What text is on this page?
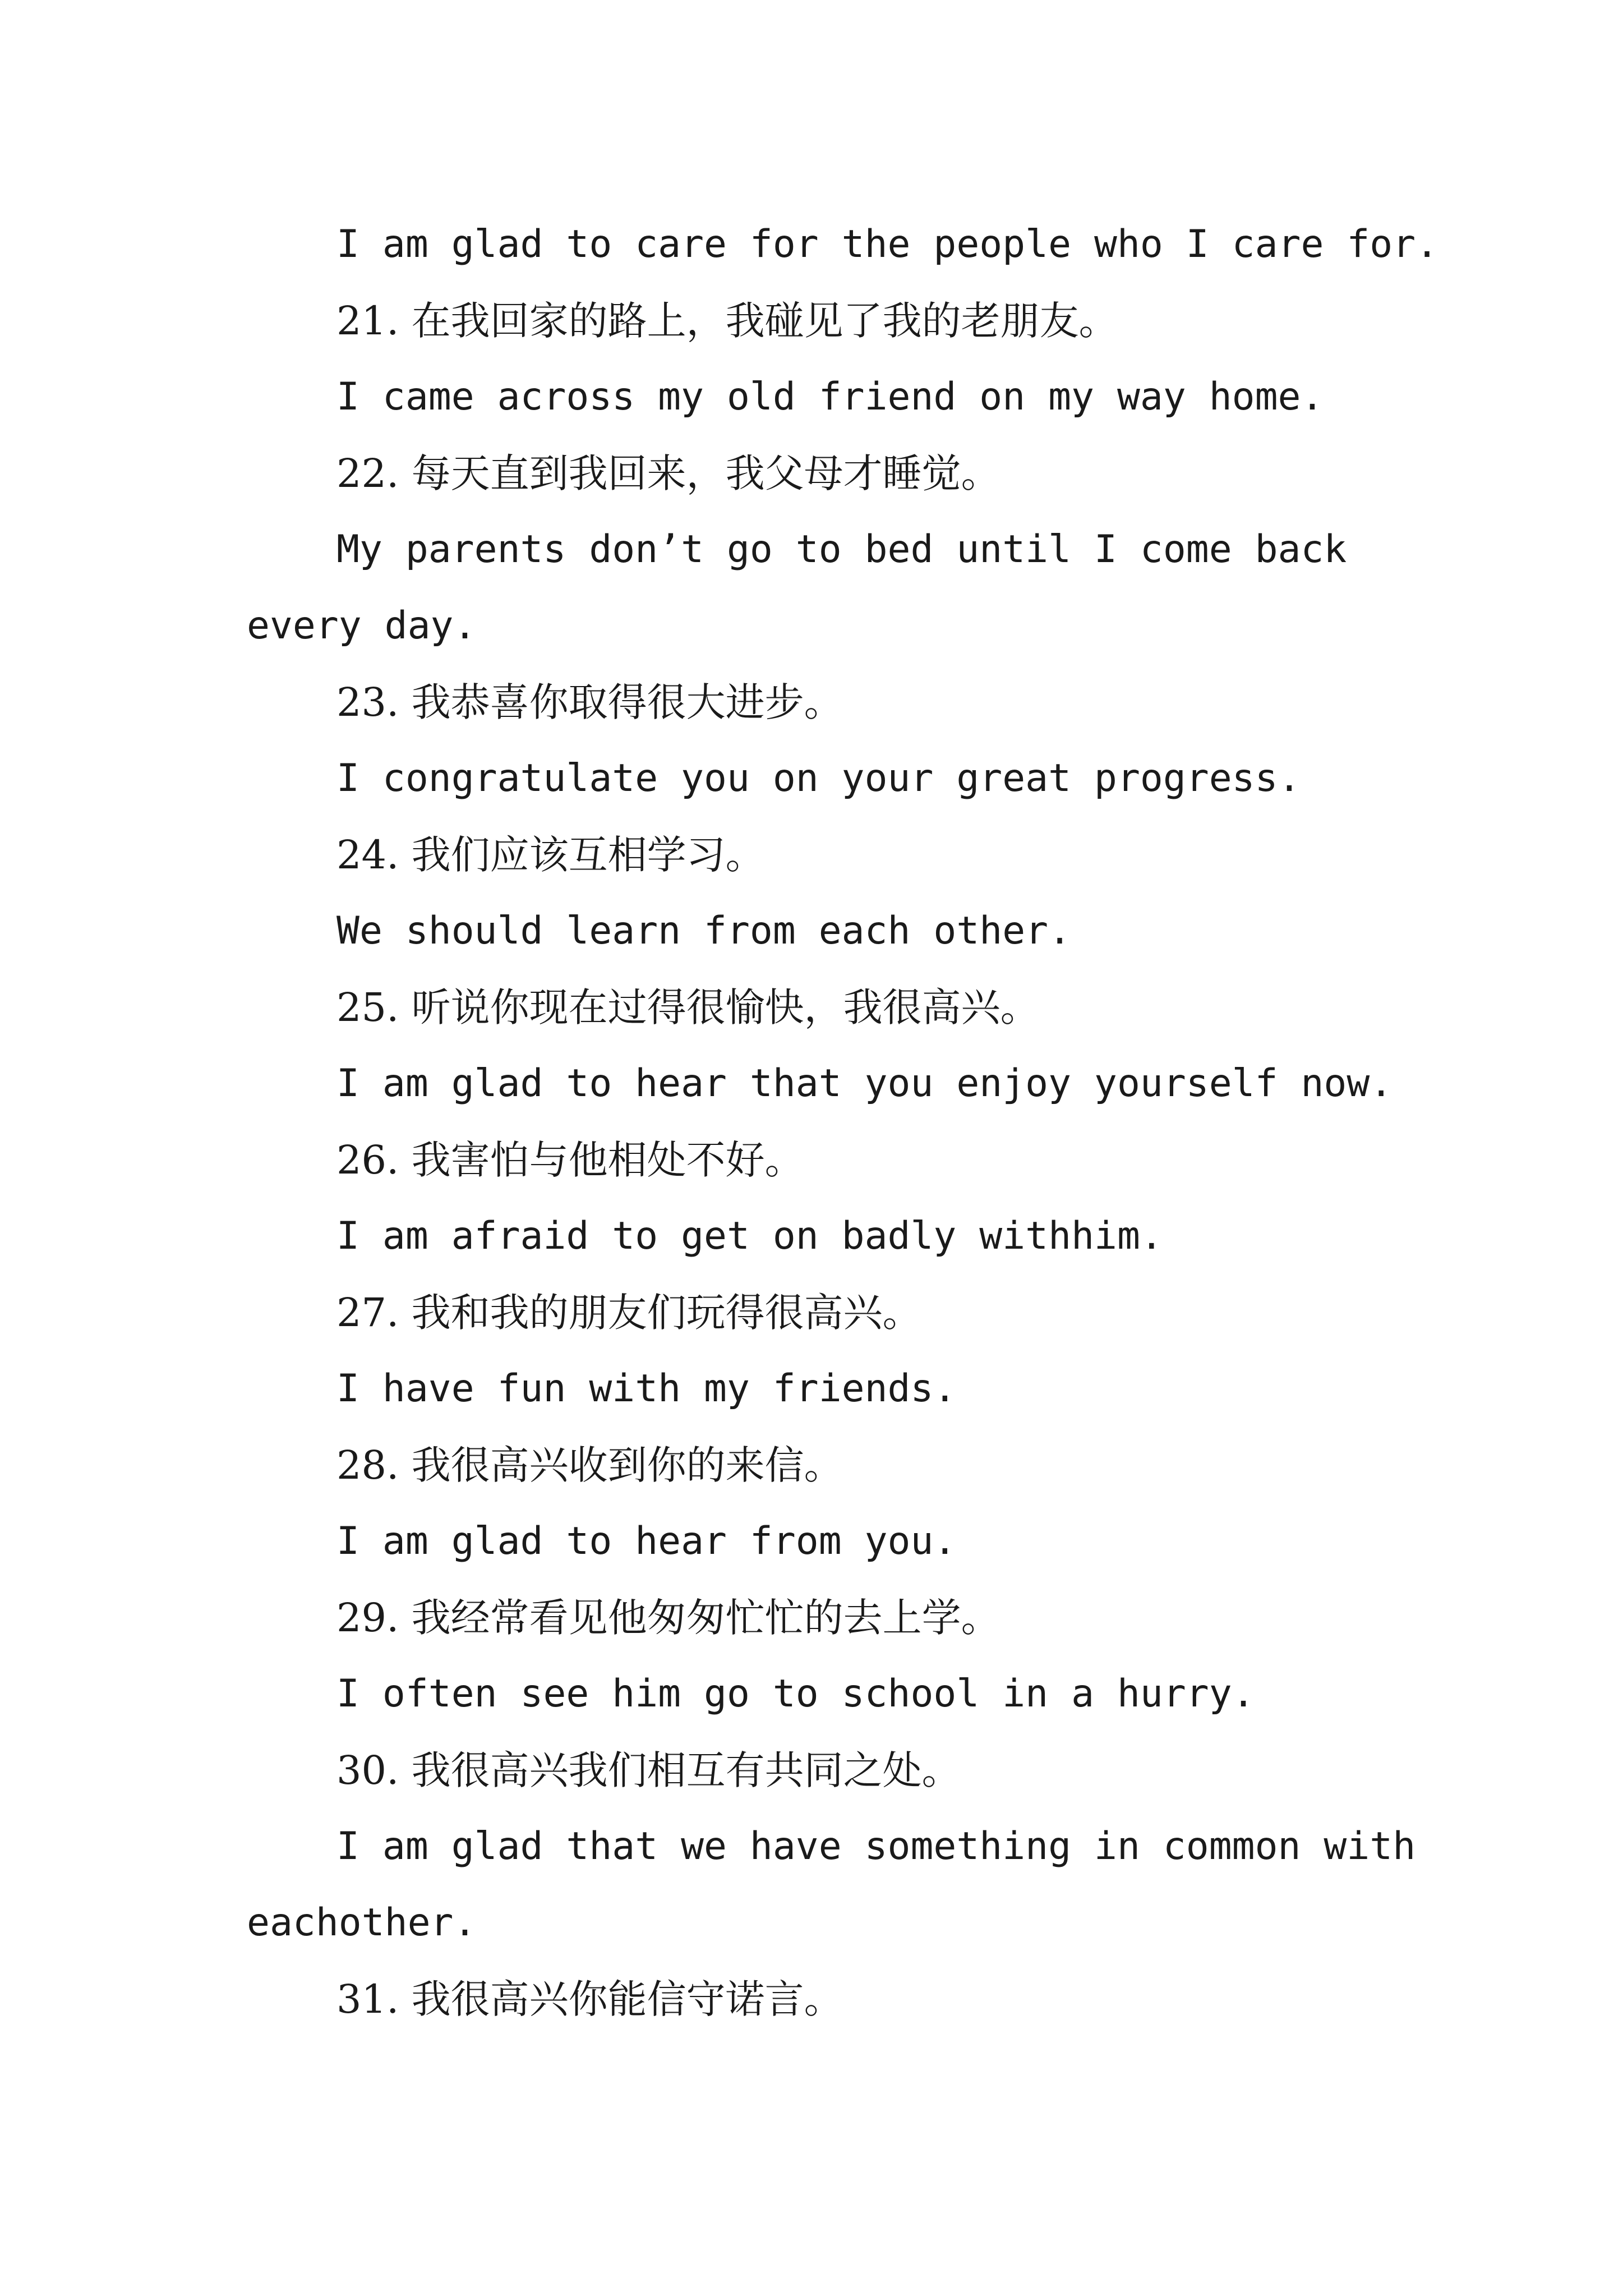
I am glad to care for the people who I care for.
21. 在我回家的路上，我碰见了我的老朋友。
I came across my old friend on my way home.
22. 每天直到我回来，我父母才睡觉。
My parents don’t go to bed until I come back
every day.
23. 我恭喜你取得很大进步。
I congratulate you on your great progress.
24. 我们应该互相学习。
We should learn from each other.
25. 听说你现在过得很愉快，我很高兴。
I am glad to hear that you enjoy yourself now.
26. 我害怕与他相处不好。
I am afraid to get on badly withhim.
27. 我和我的朋友们玩得很高兴。
I have fun with my friends.
28. 我很高兴收到你的来信。
I am glad to hear from you.
29. 我经常看见他匆匆忙忙的去上学。
I often see him go to school in a hurry.
30. 我很高兴我们相互有共同之处。
I am glad that we have something in common with
eachother.
31. 我很高兴你能信守诺言。
